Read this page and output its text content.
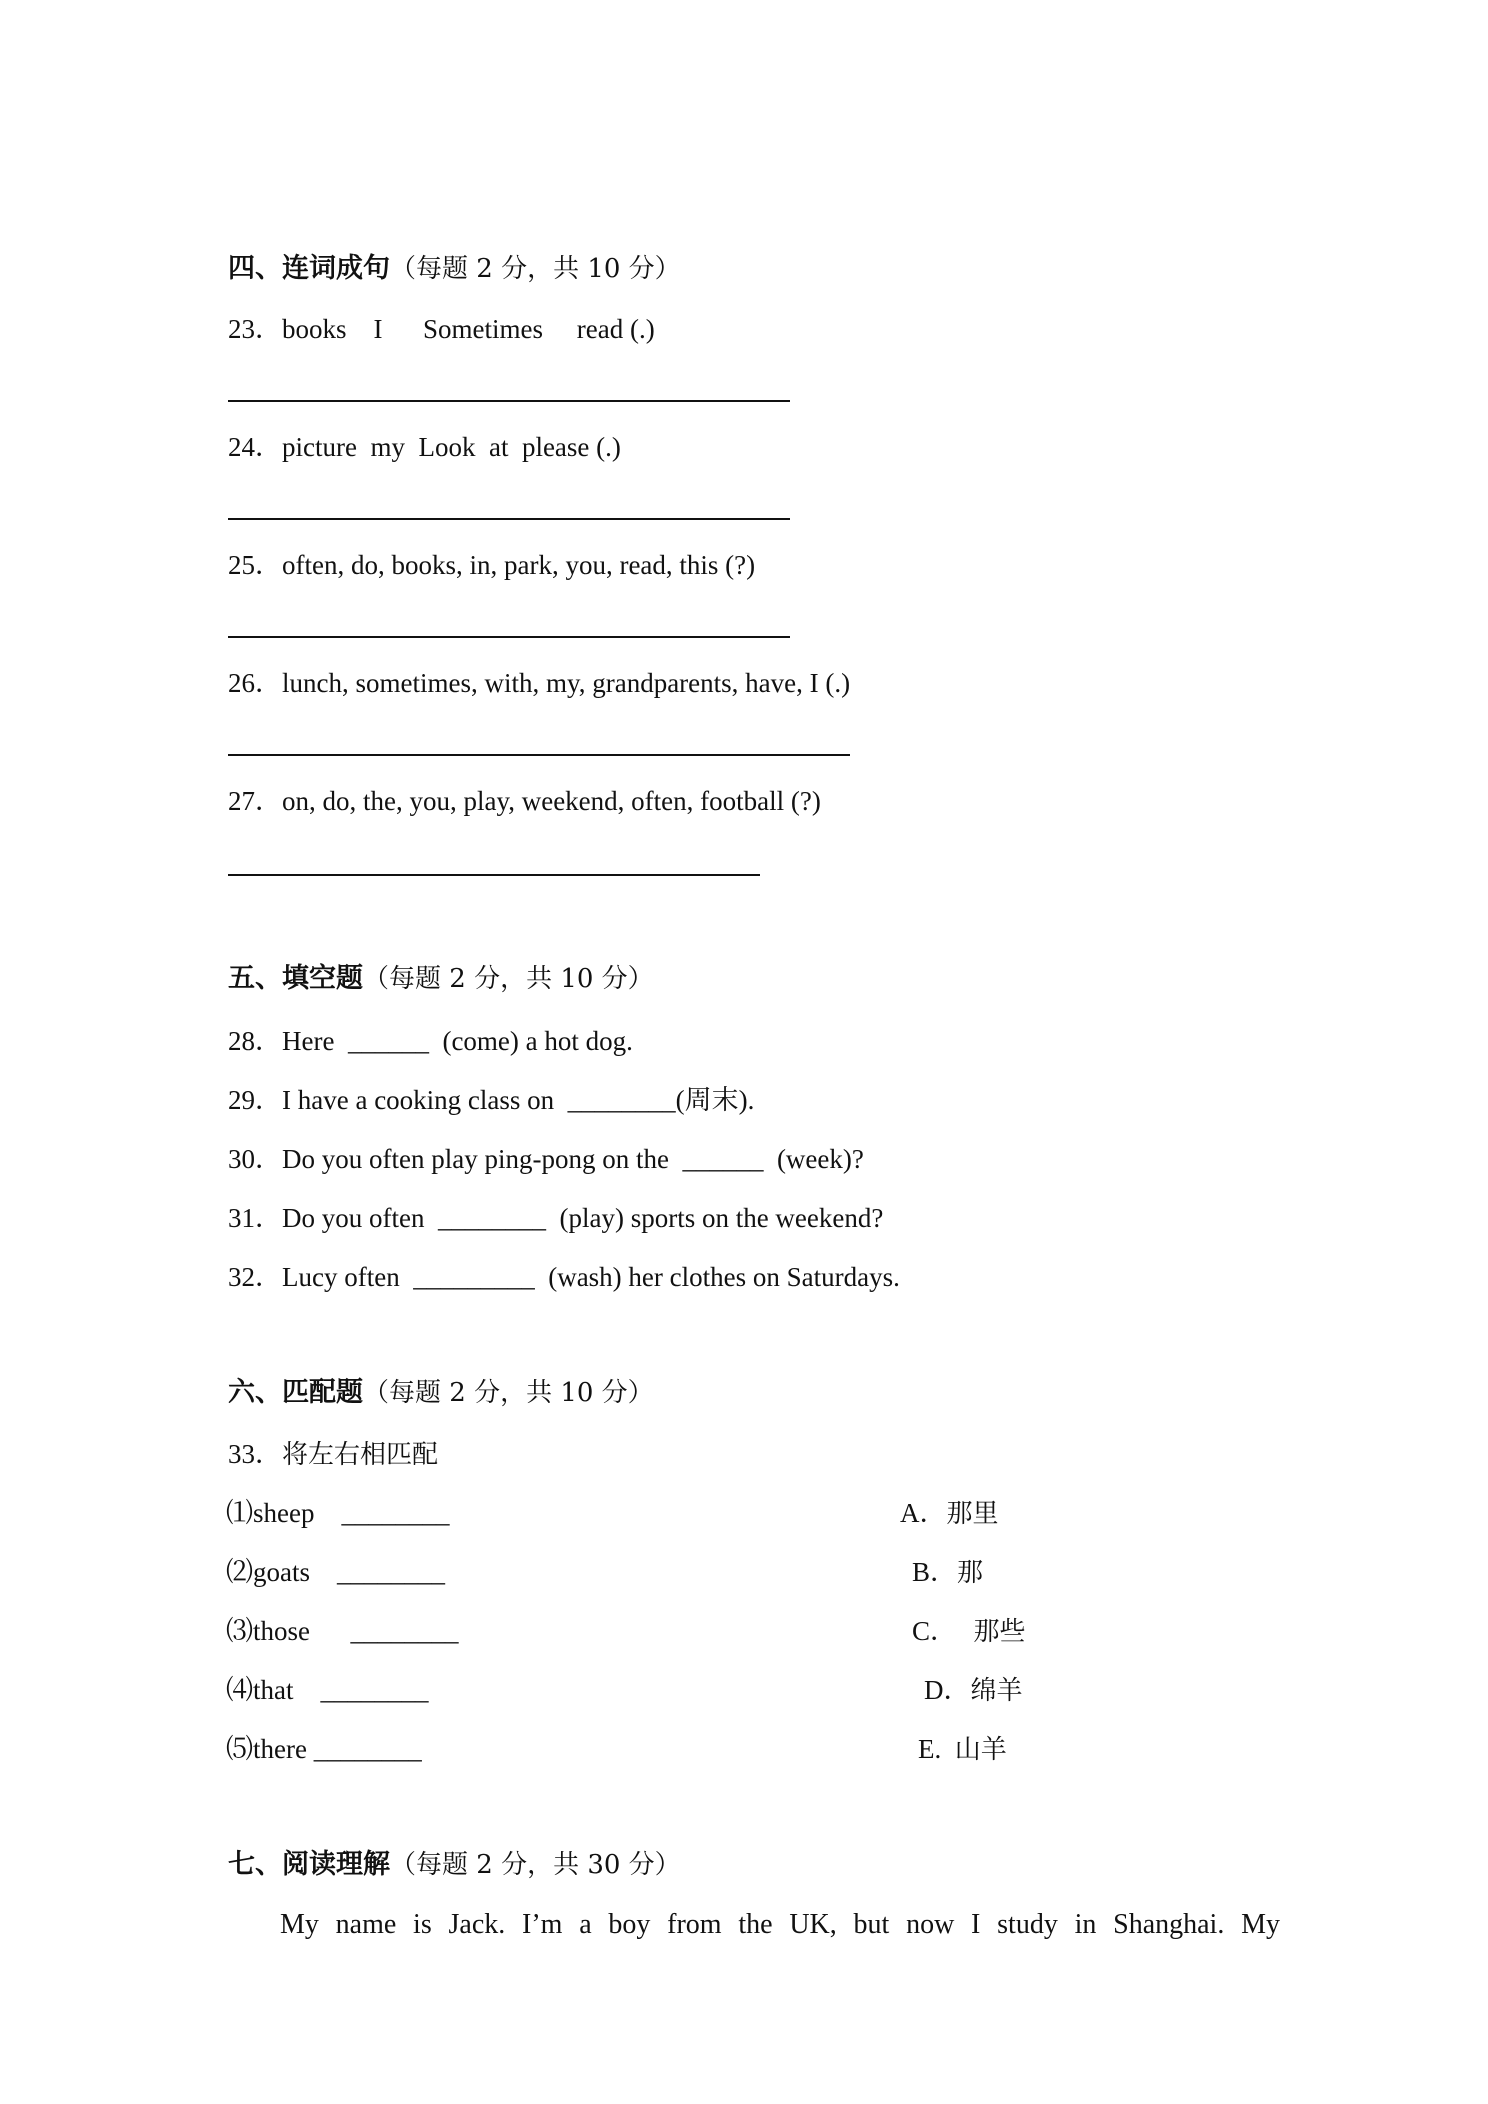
四、连词成句（每题 2 分，共 10 分）
23．books    I      Sometimes     read (.)
24．picture  my  Look  at  please (.)
25．often, do, books, in, park, you, read, this (?)
26．lunch, sometimes, with, my, grandparents, have, I (.)
27．on, do, the, you, play, weekend, often, football (?)
五、填空题（每题 2 分，共 10 分）
28．Here  ______  (come) a hot dog.
29．I have a cooking class on  ________(周末).
30．Do you often play ping-pong on the  ______  (week)?
31．Do you often  ________  (play) sports on the weekend?
32．Lucy often  _________  (wash) her clothes on Saturdays.
六、匹配题（每题 2 分，共 10 分）
33．将左右相匹配
⑴sheep    ________
⑵goats    ________
⑶those      ________
⑷that    ________
⑸there ________
A．那里
B．那
C．  那些
D．绵羊
E.  山羊
七、阅读理解（每题 2 分，共 30 分）
My name is Jack. I’m a boy from the UK, but now I study in Shanghai. My
